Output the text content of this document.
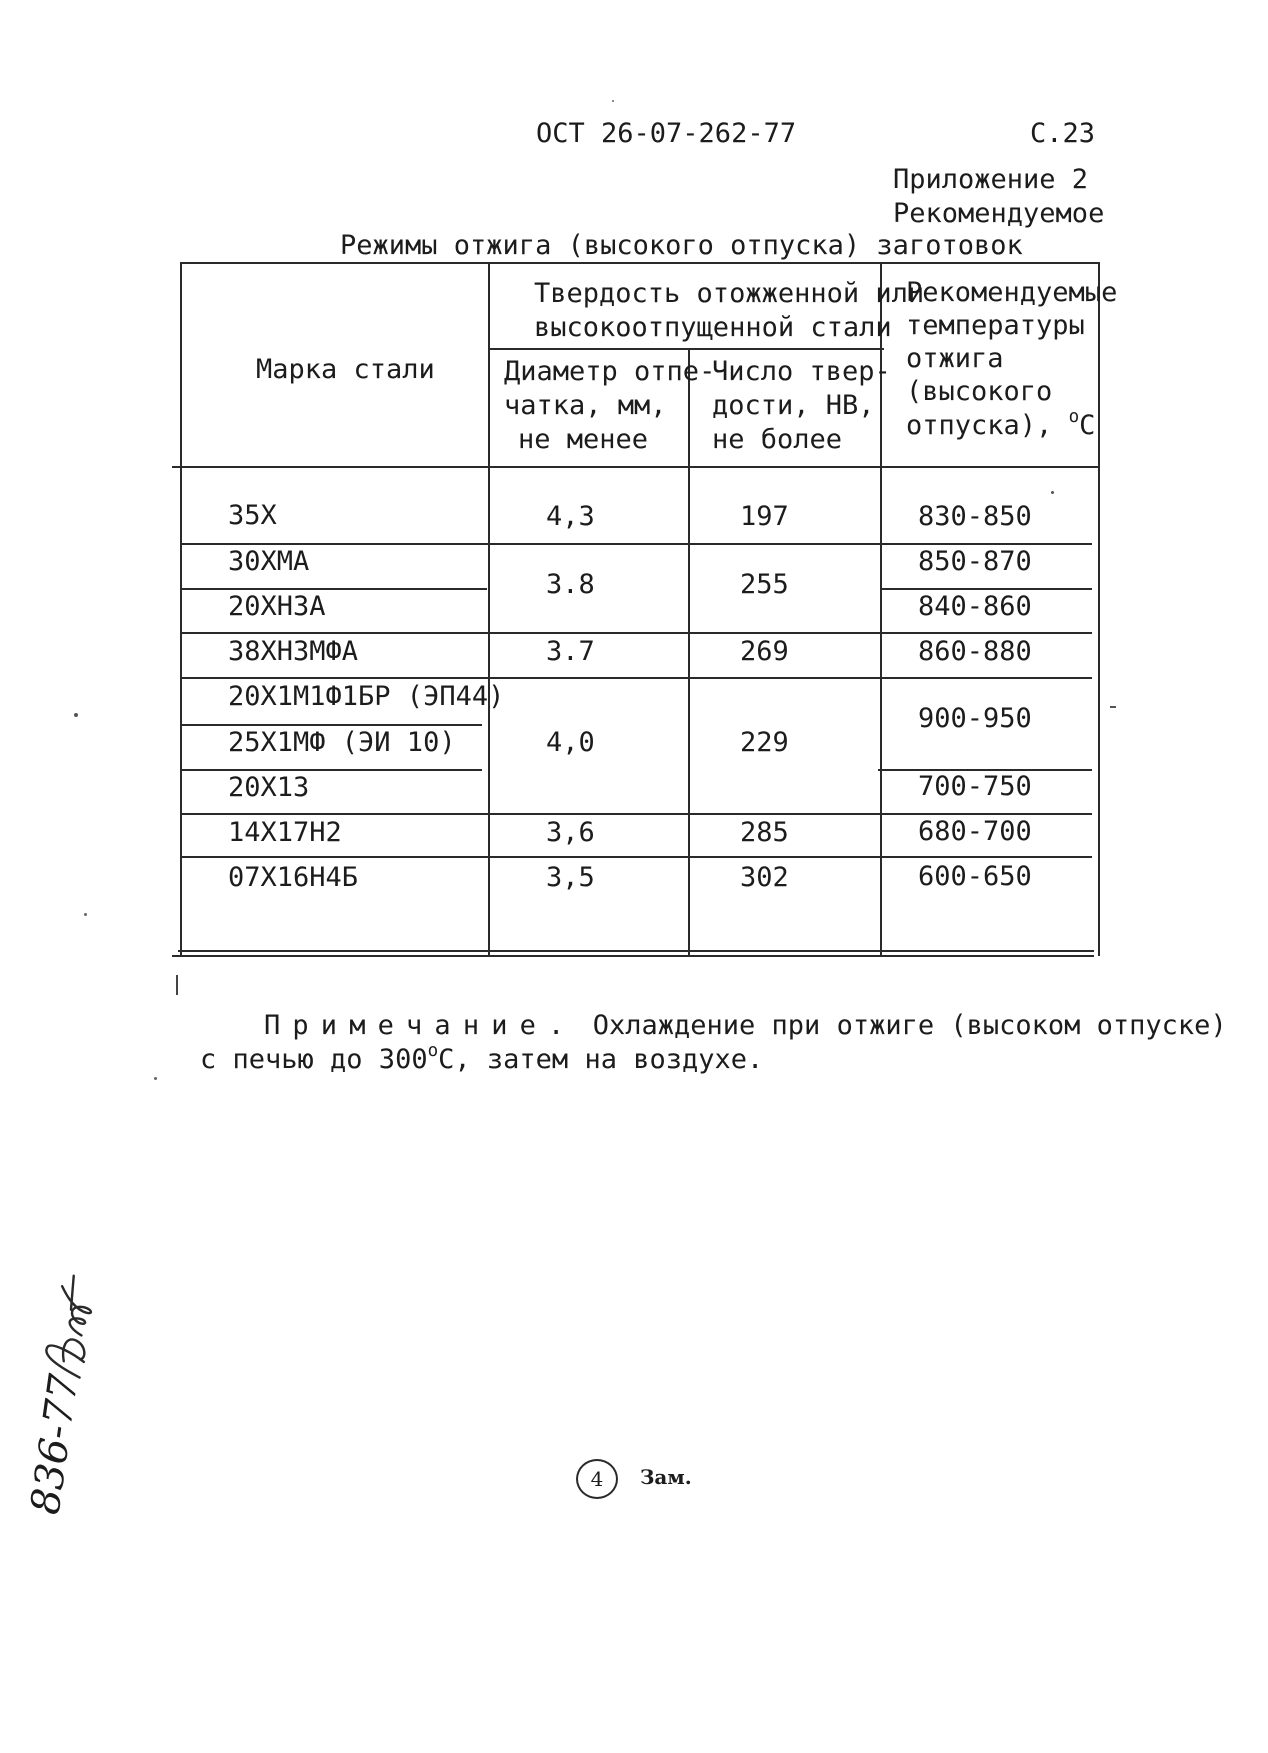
ОСТ 26-07-262-77	С.23
Приложение 2
Рекомендуемое
Режимы отжига (высокого отпуска) заготовок
Марка стали
Твердость отожженной или
высокоотпущенной стали
Диаметр отпе-
чатка, мм,
не менее
Число твер-
дости, НВ,
не более
Рекомендуемые
температуры
отжига
(высокого
отпуска), $^о$С
35Х
30ХМА
20ХН3А
38ХН3МФА
20Х1М1Ф1БР (ЭП44)
25Х1МФ (ЭИ 10)
20Х13
14Х17Н2
07Х16Н4Б
4,3
3.8
3.7
4,0
3,6
3,5
197
255
269
229
285
302
830-850
850-870
840-860
860-880
900-950
700-750
680-700
600-650
Примечание. Охлаждение при отжиге (высоком отпуске)
с печью до $300^оС$, затем на воздухе.
4	Зам.
836-77
